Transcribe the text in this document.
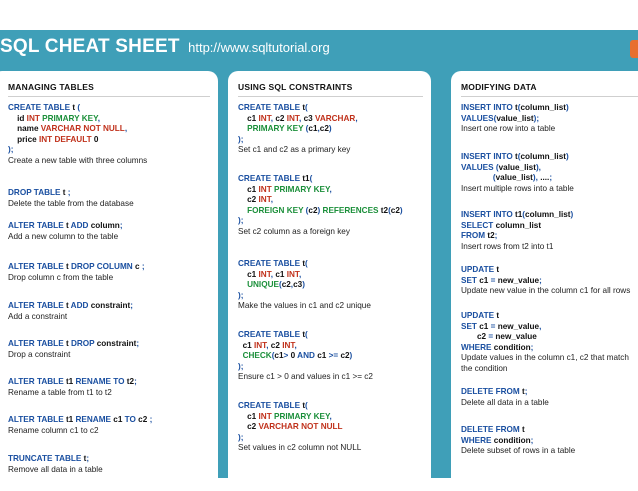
SQL CHEAT SHEET http://www.sqltutorial.org
MANAGING TABLES
CREATE TABLE t (
id INT PRIMARY KEY,
name VARCHAR NOT NULL,
price INT DEFAULT 0
);
Create a new table with three columns
DROP TABLE t ;
Delete the table from the database
ALTER TABLE t ADD column;
Add a new column to the table
ALTER TABLE t DROP COLUMN c ;
Drop column c from the table
ALTER TABLE t ADD constraint;
Add a constraint
ALTER TABLE t DROP constraint;
Drop a constraint
ALTER TABLE t1 RENAME TO t2;
Rename a table from t1 to t2
ALTER TABLE t1 RENAME c1 TO c2 ;
Rename column c1 to c2
TRUNCATE TABLE t;
Remove all data in a table
USING SQL CONSTRAINTS
CREATE TABLE t(
c1 INT, c2 INT, c3 VARCHAR,
PRIMARY KEY (c1,c2)
);
Set c1 and c2 as a primary key
CREATE TABLE t1(
c1 INT PRIMARY KEY,
c2 INT,
FOREIGN KEY (c2) REFERENCES t2(c2)
);
Set c2 column as a foreign key
CREATE TABLE t(
c1 INT, c1 INT,
UNIQUE(c2,c3)
);
Make the values in c1 and c2 unique
CREATE TABLE t(
c1 INT, c2 INT,
CHECK(c1> 0 AND c1 >= c2)
);
Ensure c1 > 0 and values in c1 >= c2
CREATE TABLE t(
c1 INT PRIMARY KEY,
c2 VARCHAR NOT NULL
);
Set values in c2 column not NULL
MODIFYING DATA
INSERT INTO t(column_list)
VALUES(value_list);
Insert one row into a table
INSERT INTO t(column_list)
VALUES (value_list),
(value_list), ....;
Insert multiple rows into a table
INSERT INTO t1(column_list)
SELECT column_list
FROM t2;
Insert rows from t2 into t1
UPDATE t
SET c1 = new_value;
Update new value in the column c1 for all rows
UPDATE t
SET c1 = new_value,
c2 = new_value
WHERE condition;
Update values in the column c1, c2 that match
the condition
DELETE FROM t;
Delete all data in a table
DELETE FROM t
WHERE condition;
Delete subset of rows in a table
